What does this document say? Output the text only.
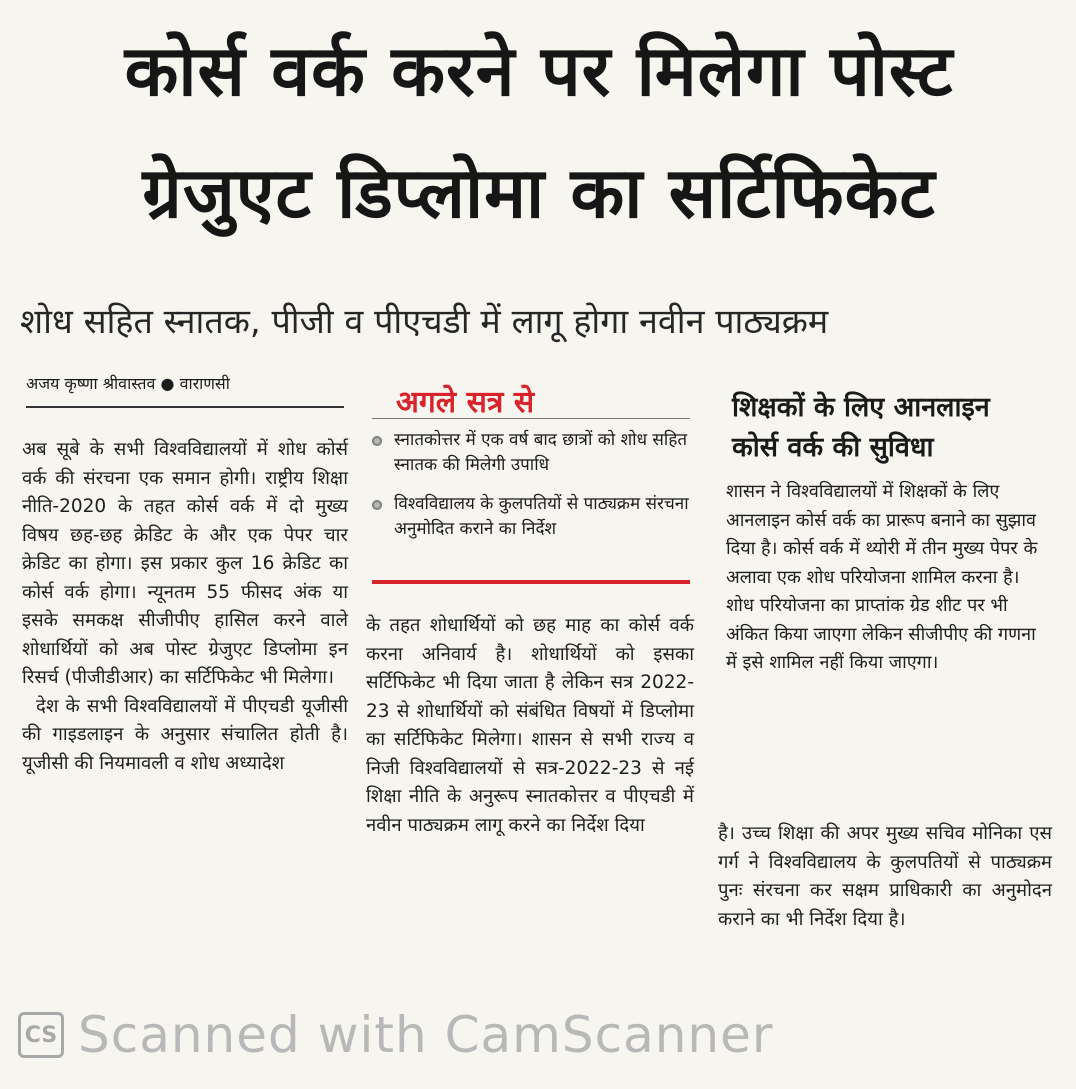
कोर्स वर्क करने पर मिलेगा पोस्ट
ग्रेजुएट डिप्लोमा का सर्टिफिकेट
शोध सहित स्नातक, पीजी व पीएचडी में लागू होगा नवीन पाठ्यक्रम
अजय कृष्णा श्रीवास्तव ● वाराणसी

अब सूबे के सभी विश्वविद्यालयों में शोध कोर्स वर्क की संरचना एक समान होगी। राष्ट्रीय शिक्षा नीति-2020 के तहत कोर्स वर्क में दो मुख्य विषय छह-छह क्रेडिट के और एक पेपर चार क्रेडिट का होगा। इस प्रकार कुल 16 क्रेडिट का कोर्स वर्क होगा। न्यूनतम 55 फीसद अंक या इसके समकक्ष सीजीपीए हासिल करने वाले शोधार्थियों को अब पोस्ट ग्रेजुएट डिप्लोमा इन रिसर्च (पीजीडीआर) का सर्टिफिकेट भी मिलेगा।

देश के सभी विश्वविद्यालयों में पीएचडी यूजीसी की गाइडलाइन के अनुसार संचालित होती है। यूजीसी की नियमावली व शोध अध्यादेश

अगले सत्र से
स्नातकोत्तर में एक वर्ष बाद छात्रों को शोध सहित स्नातक की मिलेगी उपाधि
विश्वविद्यालय के कुलपतियों से पाठ्यक्रम संरचना अनुमोदित कराने का निर्देश

के तहत शोधार्थियों को छह माह का कोर्स वर्क करना अनिवार्य है। शोधार्थियों को इसका सर्टिफिकेट भी दिया जाता है लेकिन सत्र 2022-23 से शोधार्थियों को संबंधित विषयों में डिप्लोमा का सर्टिफिकेट मिलेगा। शासन से सभी राज्य व निजी विश्वविद्यालयों से सत्र-2022-23 से नई शिक्षा नीति के अनुरूप स्नातकोत्तर व पीएचडी में नवीन पाठ्यक्रम लागू करने का निर्देश दिया

शिक्षकों के लिए आनलाइन कोर्स वर्क की सुविधा

शासन ने विश्वविद्यालयों में शिक्षकों के लिए आनलाइन कोर्स वर्क का प्रारूप बनाने का सुझाव दिया है। कोर्स वर्क में थ्योरी में तीन मुख्य पेपर के अलावा एक शोध परियोजना शामिल करना है। शोध परियोजना का प्राप्तांक ग्रेड शीट पर भी अंकित किया जाएगा लेकिन सीजीपीए की गणना में इसे शामिल नहीं किया जाएगा।

है। उच्च शिक्षा की अपर मुख्य सचिव मोनिका एस गर्ग ने विश्वविद्यालय के कुलपतियों से पाठ्यक्रम पुनः संरचना कर सक्षम प्राधिकारी का अनुमोदन कराने का भी निर्देश दिया है।

CS Scanned with CamScanner
